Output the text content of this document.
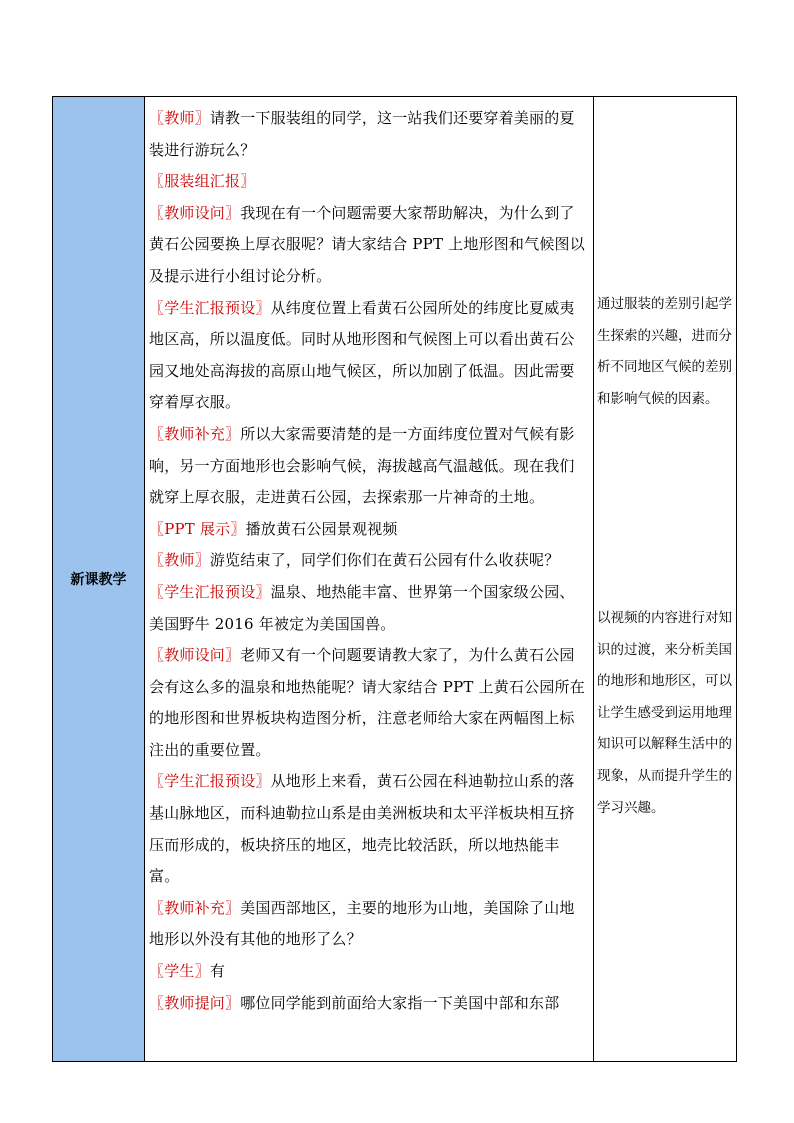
新课教学

〖教师〗请教一下服装组的同学，这一站我们还要穿着美丽的夏装进行游玩么？

〖服装组汇报〗

〖教师设问〗我现在有一个问题需要大家帮助解决，为什么到了黄石公园要换上厚衣服呢？请大家结合 PPT 上地形图和气候图以及提示进行小组讨论分析。

〖学生汇报预设〗从纬度位置上看黄石公园所处的纬度比夏威夷地区高，所以温度低。同时从地形图和气候图上可以看出黄石公园又地处高海拔的高原山地气候区，所以加剧了低温。因此需要穿着厚衣服。

〖教师补充〗所以大家需要清楚的是一方面纬度位置对气候有影响，另一方面地形也会影响气候，海拔越高气温越低。现在我们就穿上厚衣服，走进黄石公园，去探索那一片神奇的土地。

〖PPT 展示〗播放黄石公园景观视频

〖教师〗游览结束了，同学们你们在黄石公园有什么收获呢？

〖学生汇报预设〗温泉、地热能丰富、世界第一个国家级公园、美国野牛 2016 年被定为美国国兽。

〖教师设问〗老师又有一个问题要请教大家了，为什么黄石公园会有这么多的温泉和地热能呢？请大家结合 PPT 上黄石公园所在的地形图和世界板块构造图分析，注意老师给大家在两幅图上标注出的重要位置。

〖学生汇报预设〗从地形上来看，黄石公园在科迪勒拉山系的落基山脉地区，而科迪勒拉山系是由美洲板块和太平洋板块相互挤压而形成的，板块挤压的地区，地壳比较活跃，所以地热能丰富。

〖教师补充〗美国西部地区，主要的地形为山地，美国除了山地地形以外没有其他的地形了么？

〖学生〗有

〖教师提问〗哪位同学能到前面给大家指一下美国中部和东部

通过服装的差别引起学生探索的兴趣，进而分析不同地区气候的差别和影响气候的因素。
以视频的内容进行对知识的过渡，来分析美国的地形和地形区，可以让学生感受到运用地理知识可以解释生活中的现象，从而提升学生的学习兴趣。
